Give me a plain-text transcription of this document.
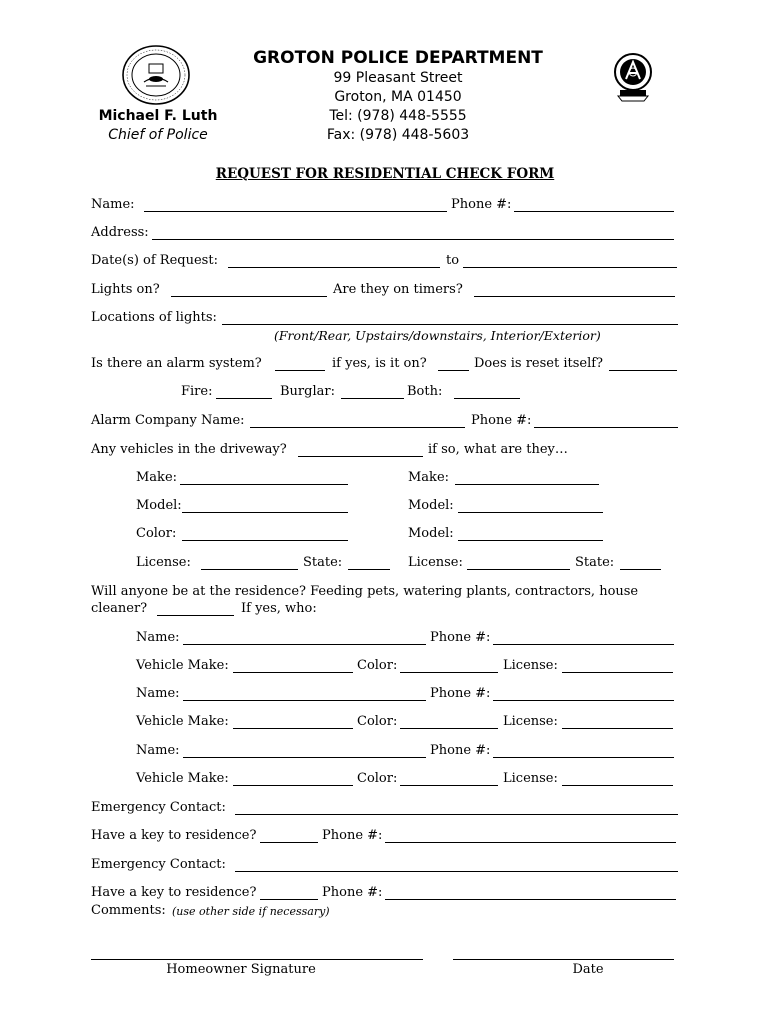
GROTON POLICE DEPARTMENT
99 Pleasant Street
Groton, MA 01450
Tel: (978) 448-5555
Fax: (978) 448-5603
Michael F. Luth
Chief of Police
REQUEST FOR RESIDENTIAL CHECK FORM
Name:	Phone #:
Address:
Date(s) of Request:	to
Lights on?	Are they on timers?
Locations of lights:
(Front/Rear, Upstairs/downstairs, Interior/Exterior)
Is there an alarm system?	if yes, is it on?	Does is reset itself?
Fire:	Burglar:	Both:
Alarm Company Name:	Phone #:
Any vehicles in the driveway?	if so, what are they…
Make:	Make:
Model:	Model:
Color:	Model:
License:	State:	License:	State:
Will anyone be at the residence? Feeding pets, watering plants, contractors, house
cleaner?	If yes, who:
Name:	Phone #:
Vehicle Make:	Color:	License:
Name:	Phone #:
Vehicle Make:	Color:	License:
Name:	Phone #:
Vehicle Make:	Color:	License:
Emergency Contact:
Have a key to residence?	Phone #:
Emergency Contact:
Have a key to residence?	Phone #:
Comments: (use other side if necessary)
Homeowner Signature	Date
